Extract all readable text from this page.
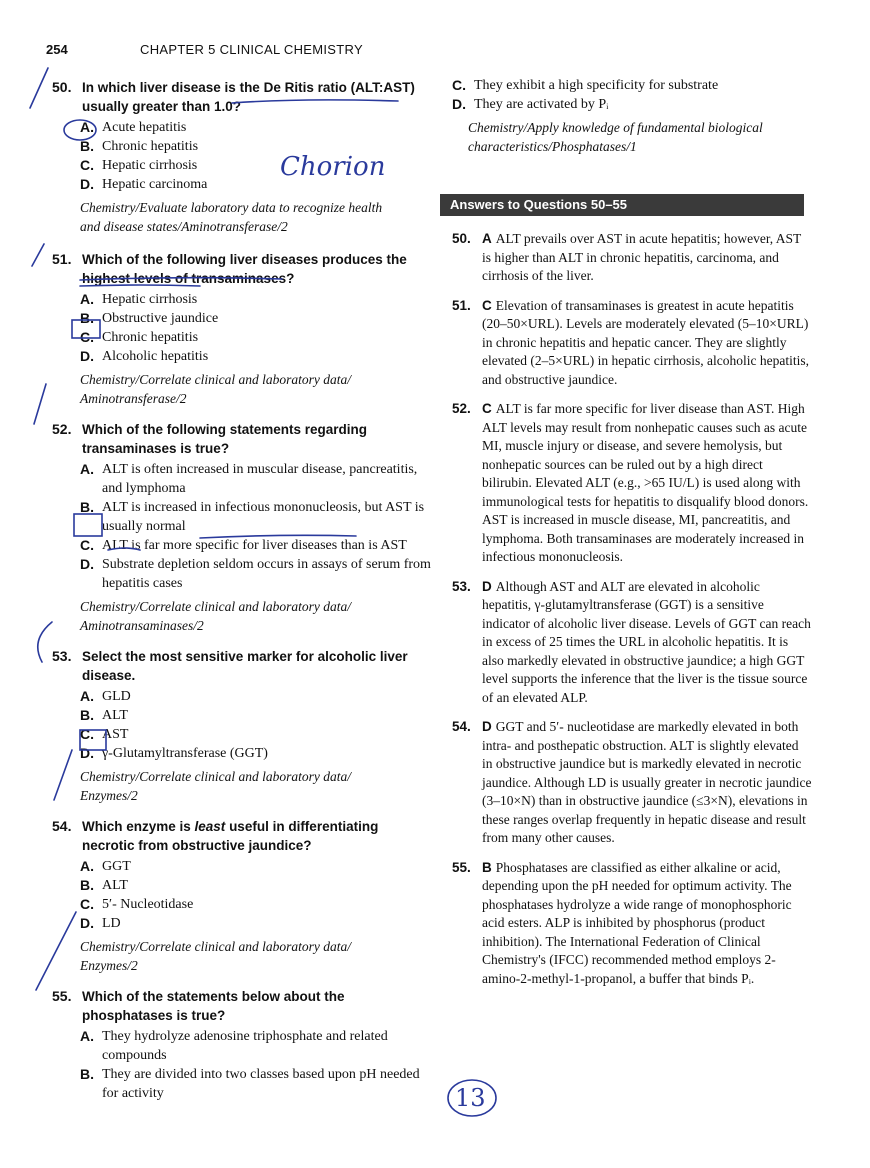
254	CHAPTER 5 CLINICAL CHEMISTRY
50. In which liver disease is the De Ritis ratio (ALT:AST) usually greater than 1.0?
A. Acute hepatitis
B. Chronic hepatitis
C. Hepatic cirrhosis
D. Hepatic carcinoma
Chemistry/Evaluate laboratory data to recognize health
and disease states/Aminotransferase/2
51. Which of the following liver diseases produces the highest levels of transaminases?
A. Hepatic cirrhosis
B. Obstructive jaundice
C. Chronic hepatitis
D. Alcoholic hepatitis
Chemistry/Correlate clinical and laboratory data/
Aminotransferase/2
52. Which of the following statements regarding transaminases is true?
A. ALT is often increased in muscular disease, pancreatitis, and lymphoma
B. ALT is increased in infectious mononucleosis, but AST is usually normal
C. ALT is far more specific for liver diseases than is AST
D. Substrate depletion seldom occurs in assays of serum from hepatitis cases
Chemistry/Correlate clinical and laboratory data/
Aminotransaminases/2
53. Select the most sensitive marker for alcoholic liver disease.
A. GLD
B. ALT
C. AST
D. γ-Glutamyltransferase (GGT)
Chemistry/Correlate clinical and laboratory data/
Enzymes/2
54. Which enzyme is least useful in differentiating necrotic from obstructive jaundice?
A. GGT
B. ALT
C. 5′- Nucleotidase
D. LD
Chemistry/Correlate clinical and laboratory data/
Enzymes/2
55. Which of the statements below about the phosphatases is true?
A. They hydrolyze adenosine triphosphate and related compounds
B. They are divided into two classes based upon pH needed for activity
C. They exhibit a high specificity for substrate
D. They are activated by Pᵢ
Chemistry/Apply knowledge of fundamental biological
characteristics/Phosphatases/1
Answers to Questions 50–55
50. A ALT prevails over AST in acute hepatitis; however, AST is higher than ALT in chronic hepatitis, carcinoma, and cirrhosis of the liver.
51. C Elevation of transaminases is greatest in acute hepatitis (20–50×URL). Levels are moderately elevated (5–10×URL) in chronic hepatitis and hepatic cancer. They are slightly elevated (2–5×URL) in hepatic cirrhosis, alcoholic hepatitis, and obstructive jaundice.
52. C ALT is far more specific for liver disease than AST. High ALT levels may result from nonhepatic causes such as acute MI, muscle injury or disease, and severe hemolysis, but nonhepatic sources can be ruled out by a high direct bilirubin. Elevated ALT (e.g., >65 IU/L) is used along with immunological tests for hepatitis to disqualify blood donors. AST is increased in muscle disease, MI, pancreatitis, and lymphoma. Both transaminases are moderately increased in infectious mononucleosis.
53. D Although AST and ALT are elevated in alcoholic hepatitis, γ-glutamyltransferase (GGT) is a sensitive indicator of alcoholic liver disease. Levels of GGT can reach in excess of 25 times the URL in alcoholic hepatitis. It is also markedly elevated in obstructive jaundice; a high GGT level supports the inference that the liver is the tissue source of an elevated ALP.
54. D GGT and 5′- nucleotidase are markedly elevated in both intra- and posthepatic obstruction. ALT is slightly elevated in obstructive jaundice but is markedly elevated in necrotic jaundice. Although LD is usually greater in necrotic jaundice (3–10×N) than in obstructive jaundice (≤3×N), elevations in these ranges overlap frequently in hepatic disease and result from many other causes.
55. B Phosphatases are classified as either alkaline or acid, depending upon the pH needed for optimum activity. The phosphatases hydrolyze a wide range of monophosphoric acid esters. ALP is inhibited by phosphorus (product inhibition). The International Federation of Clinical Chemistry's (IFCC) recommended method employs 2-amino-2-methyl-1-propanol, a buffer that binds Pᵢ.
Chorion
13
